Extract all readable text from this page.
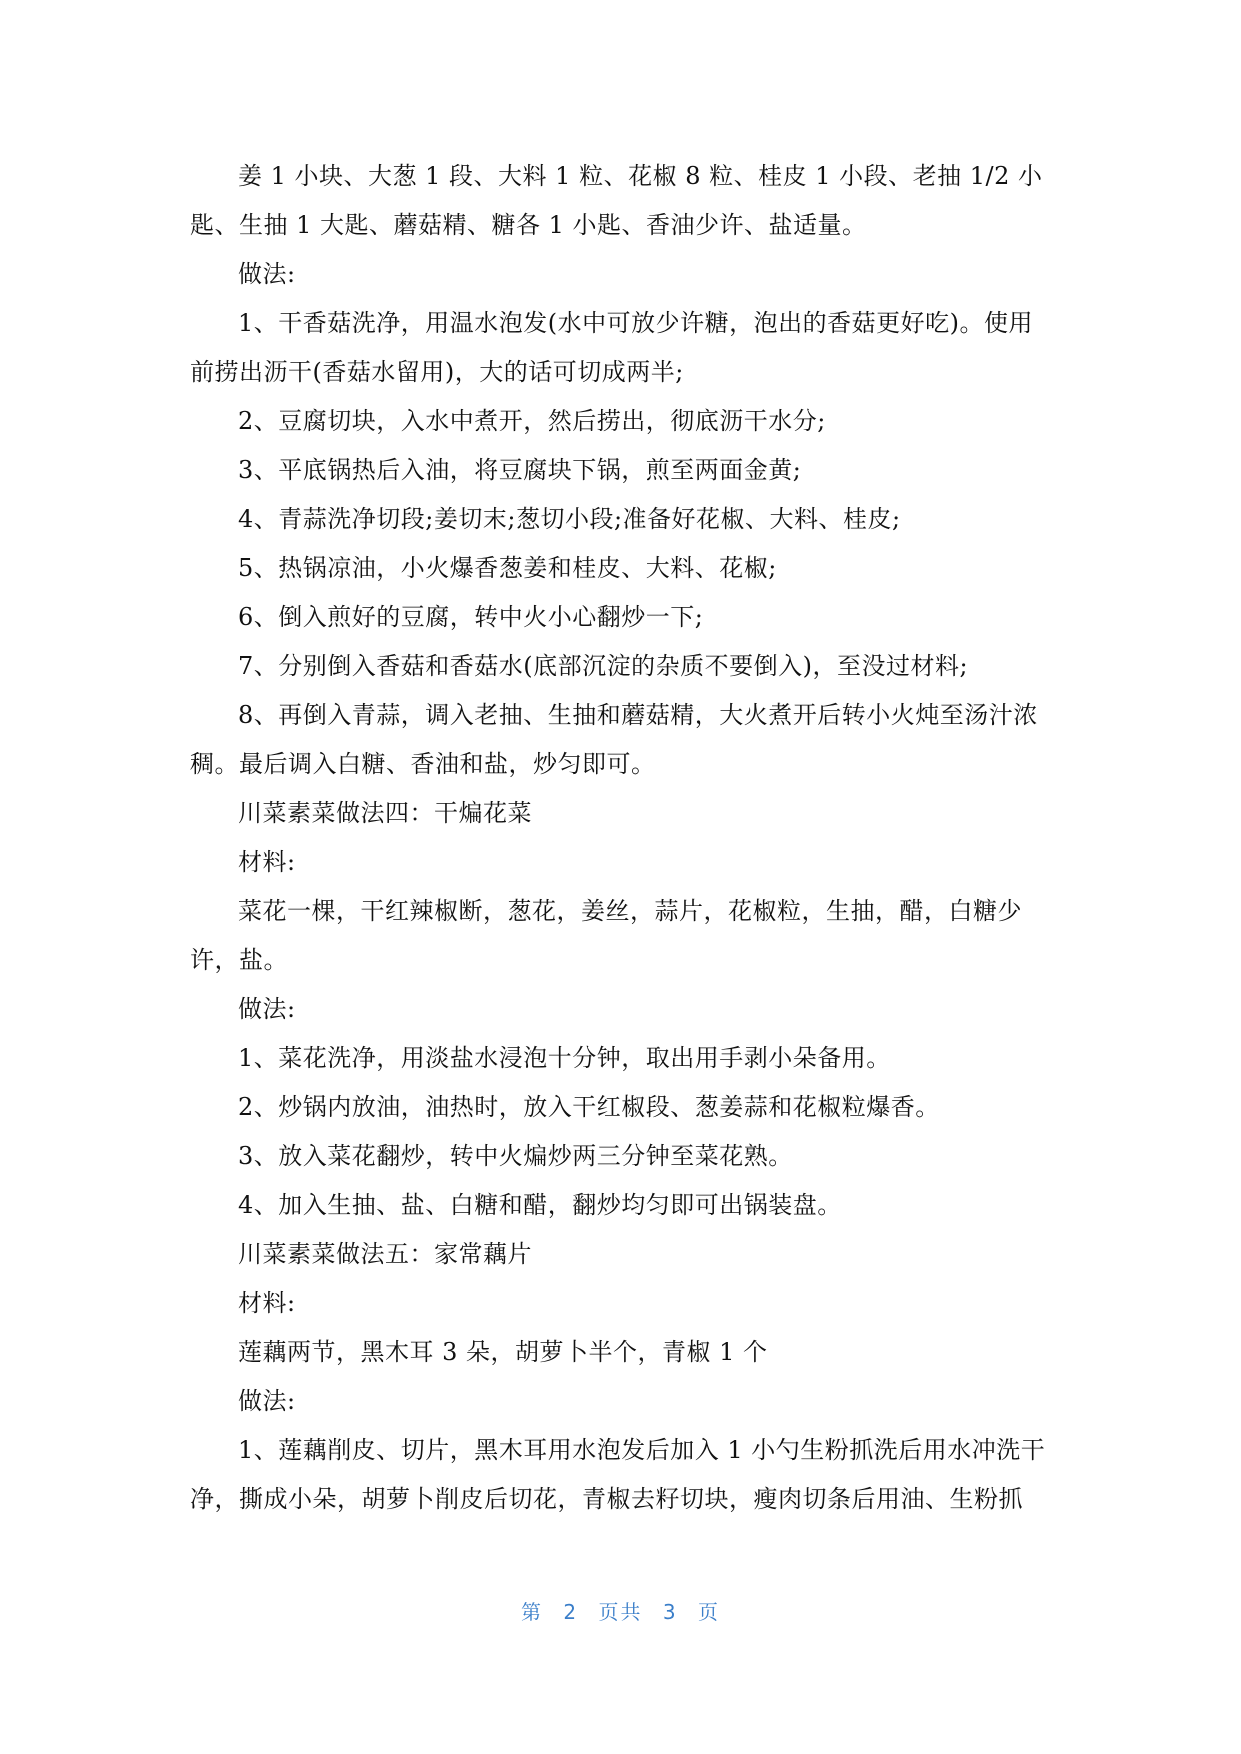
姜 1 小块、大葱 1 段、大料 1 粒、花椒 8 粒、桂皮 1 小段、老抽 1/2 小匙、生抽 1 大匙、蘑菇精、糖各 1 小匙、香油少许、盐适量。

做法:

1、干香菇洗净，用温水泡发(水中可放少许糖，泡出的香菇更好吃)。使用前捞出沥干(香菇水留用)，大的话可切成两半;

2、豆腐切块，入水中煮开，然后捞出，彻底沥干水分;

3、平底锅热后入油，将豆腐块下锅，煎至两面金黄;

4、青蒜洗净切段;姜切末;葱切小段;准备好花椒、大料、桂皮;

5、热锅凉油，小火爆香葱姜和桂皮、大料、花椒;

6、倒入煎好的豆腐，转中火小心翻炒一下;

7、分别倒入香菇和香菇水(底部沉淀的杂质不要倒入)，至没过材料;

8、再倒入青蒜，调入老抽、生抽和蘑菇精，大火煮开后转小火炖至汤汁浓稠。最后调入白糖、香油和盐，炒匀即可。

川菜素菜做法四：干煸花菜

材料:

菜花一棵，干红辣椒断，葱花，姜丝，蒜片，花椒粒，生抽，醋，白糖少许，盐。

做法:

1、菜花洗净，用淡盐水浸泡十分钟，取出用手剥小朵备用。

2、炒锅内放油，油热时，放入干红椒段、葱姜蒜和花椒粒爆香。

3、放入菜花翻炒，转中火煸炒两三分钟至菜花熟。

4、加入生抽、盐、白糖和醋，翻炒均匀即可出锅装盘。

川菜素菜做法五：家常藕片

材料:

莲藕两节，黑木耳 3 朵，胡萝卜半个，青椒 1 个

做法:

1、莲藕削皮、切片，黑木耳用水泡发后加入 1 小勺生粉抓洗后用水冲洗干净，撕成小朵，胡萝卜削皮后切花，青椒去籽切块，瘦肉切条后用油、生粉抓

第 2 页共 3 页
